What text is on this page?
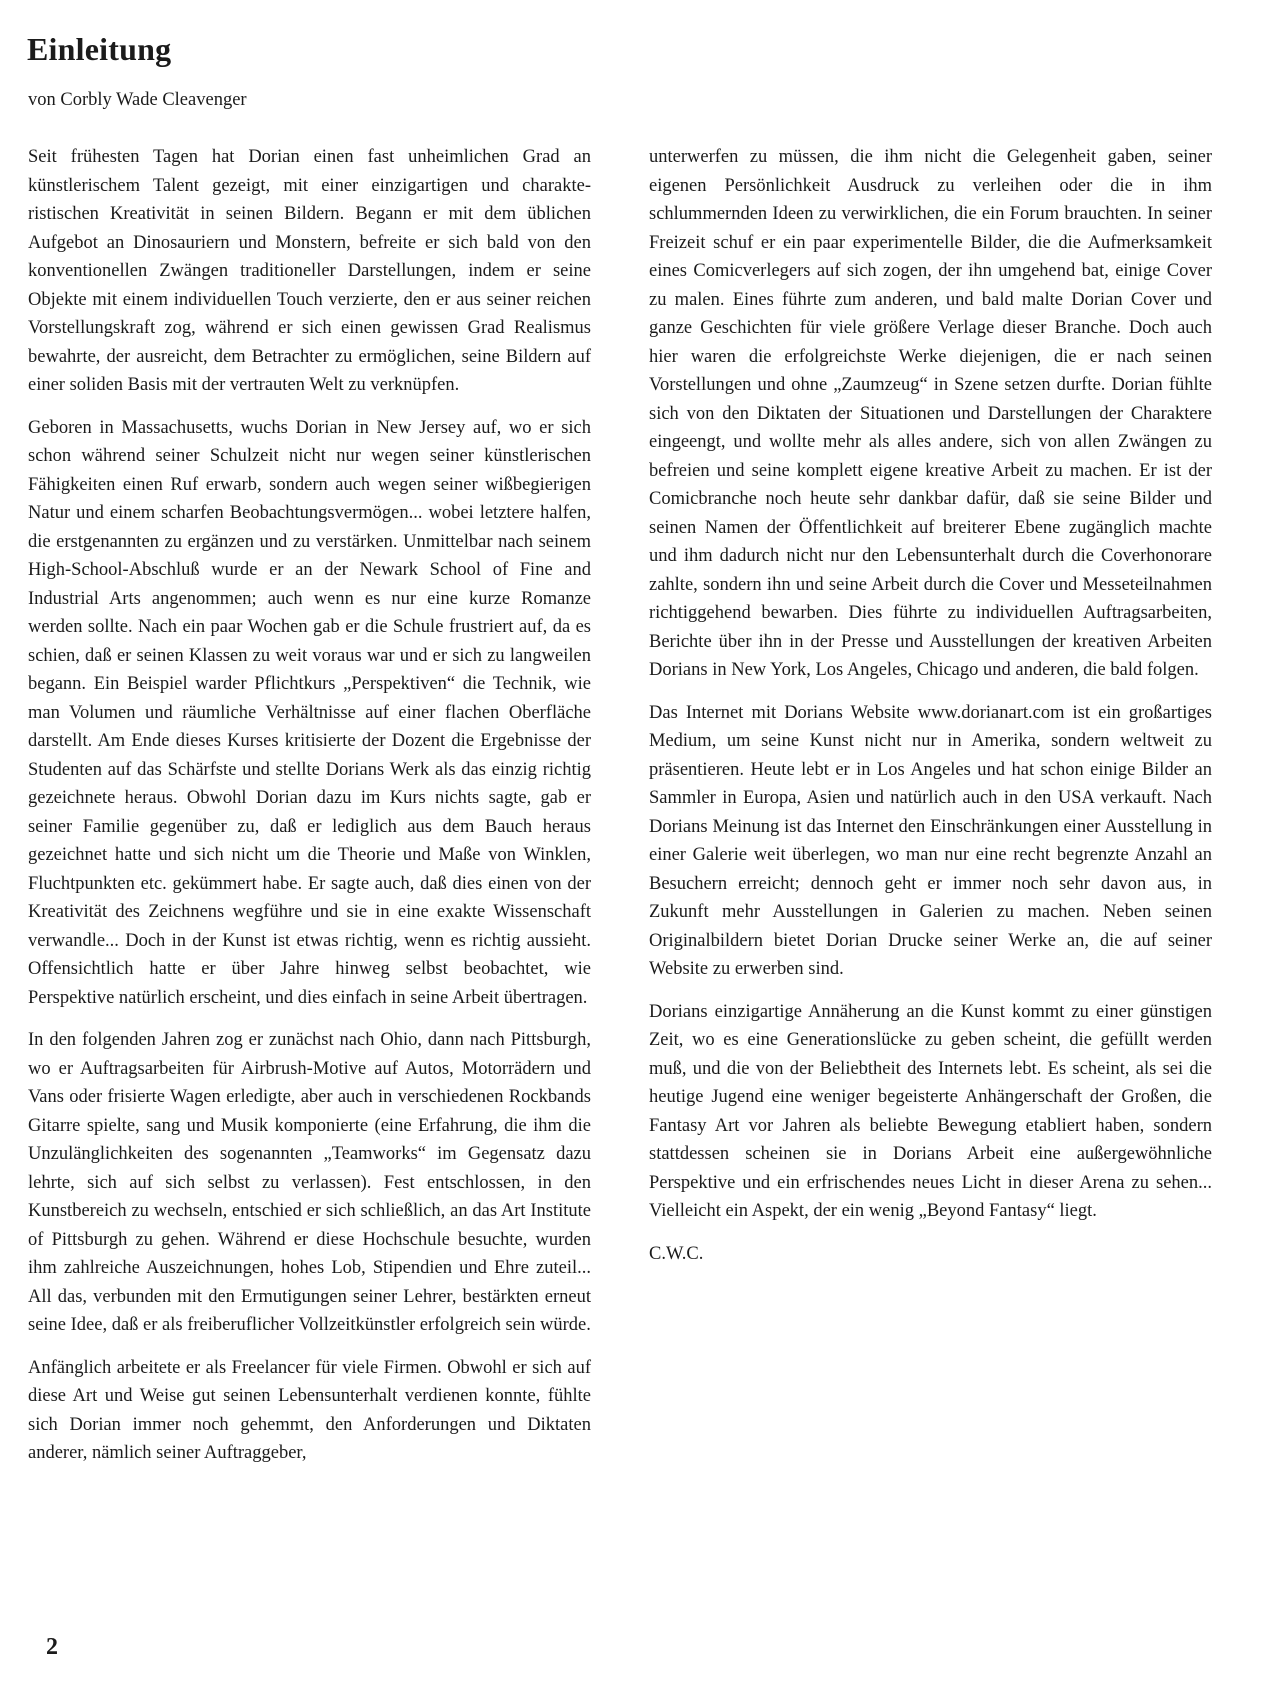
Einleitung
von Corbly Wade Cleavenger

Seit frühesten Tagen hat Dorian einen fast unheimlichen Grad an künstlerischem Talent gezeigt, mit einer einzigartigen und charakteristischen Kreativität in seinen Bildern. Begann er mit dem üblichen Aufgebot an Dinosauriern und Monstern, befreite er sich bald von den konventionellen Zwängen traditioneller Darstellungen, indem er seine Objekte mit einem individuellen Touch verzierte, den er aus seiner reichen Vorstellungskraft zog, während er sich einen gewissen Grad Realismus bewahrte, der ausreicht, dem Betrachter zu ermöglichen, seine Bildern auf einer soliden Basis mit der vertrauten Welt zu verknüpfen.

Geboren in Massachusetts, wuchs Dorian in New Jersey auf, wo er sich schon während seiner Schulzeit nicht nur wegen seiner künstlerischen Fähigkeiten einen Ruf erwarb, sondern auch wegen seiner wißbegierigen Natur und einem scharfen Beobachtungsvermögen... wobei letztere halfen, die erstgenannten zu ergänzen und zu verstärken. Unmittelbar nach seinem High-School-Abschluß wurde er an der Newark School of Fine and Industrial Arts angenommen; auch wenn es nur eine kurze Romanze werden sollte. Nach ein paar Wochen gab er die Schule frustriert auf, da es schien, daß er seinen Klassen zu weit voraus war und er sich zu langweilen begann. Ein Beispiel warder Pflichtkurs „Perspektiven“ die Technik, wie man Volumen und räumliche Verhältnisse auf einer flachen Oberfläche darstellt. Am Ende dieses Kurses kritisierte der Dozent die Ergebnisse der Studenten auf das Schärfste und stellte Dorians Werk als das einzig richtig gezeichnete heraus. Obwohl Dorian dazu im Kurs nichts sagte, gab er seiner Familie gegenüber zu, daß er lediglich aus dem Bauch heraus gezeichnet hatte und sich nicht um die Theorie und Maße von Winklen, Fluchtpunkten etc. gekümmert habe. Er sagte auch, daß dies einen von der Kreativität des Zeichnens wegführe und sie in eine exakte Wissenschaft verwandle... Doch in der Kunst ist etwas richtig, wenn es richtig aussieht. Offensichtlich hatte er über Jahre hinweg selbst beobachtet, wie Perspektive natürlich erscheint, und dies einfach in seine Arbeit übertragen.

In den folgenden Jahren zog er zunächst nach Ohio, dann nach Pittsburgh, wo er Auftragsarbeiten für Airbrush-Motive auf Autos, Motorrädern und Vans oder frisierte Wagen erledigte, aber auch in verschiedenen Rockbands Gitarre spielte, sang und Musik komponierte (eine Erfahrung, die ihm die Unzulänglichkeiten des sogenannten „Teamworks“ im Gegensatz dazu lehrte, sich auf sich selbst zu verlassen). Fest entschlossen, in den Kunstbereich zu wechseln, entschied er sich schließlich, an das Art Institute of Pittsburgh zu gehen. Während er diese Hochschule besuchte, wurden ihm zahlreiche Auszeichnungen, hohes Lob, Stipendien und Ehre zuteil... All das, verbunden mit den Ermutigungen seiner Lehrer, bestärkten erneut seine Idee, daß er als freiberuflicher Vollzeitkünstler erfolgreich sein würde.

Anfänglich arbeitete er als Freelancer für viele Firmen. Obwohl er sich auf diese Art und Weise gut seinen Lebensunterhalt verdienen konnte, fühlte sich Dorian immer noch gehemmt, den Anforderungen und Diktaten anderer, nämlich seiner Auftraggeber,

unterwerfen zu müssen, die ihm nicht die Gelegenheit gaben, seiner eigenen Persönlichkeit Ausdruck zu verleihen oder die in ihm schlummernden Ideen zu verwirklichen, die ein Forum brauchten. In seiner Freizeit schuf er ein paar experimentelle Bilder, die die Aufmerksamkeit eines Comicverlegers auf sich zogen, der ihn umgehend bat, einige Cover zu malen. Eines führte zum anderen, und bald malte Dorian Cover und ganze Geschichten für viele größere Verlage dieser Branche. Doch auch hier waren die erfolgreichste Werke diejenigen, die er nach seinen Vorstellungen und ohne „Zaumzeug“ in Szene setzen durfte. Dorian fühlte sich von den Diktaten der Situationen und Darstellungen der Charaktere eingeengt, und wollte mehr als alles andere, sich von allen Zwängen zu befreien und seine komplett eigene kreative Arbeit zu machen. Er ist der Comicbranche noch heute sehr dankbar dafür, daß sie seine Bilder und seinen Namen der Öffentlichkeit auf breiterer Ebene zugänglich machte und ihm dadurch nicht nur den Lebensunterhalt durch die Coverhonorare zahlte, sondern ihn und seine Arbeit durch die Cover und Messeteilnahmen richtiggehend bewarben. Dies führte zu individuellen Auftragsarbeiten, Berichte über ihn in der Presse und Ausstellungen der kreativen Arbeiten Dorians in New York, Los Angeles, Chicago und anderen, die bald folgen.

Das Internet mit Dorians Website www.dorianart.com ist ein großartiges Medium, um seine Kunst nicht nur in Amerika, sondern weltweit zu präsentieren. Heute lebt er in Los Angeles und hat schon einige Bilder an Sammler in Europa, Asien und natürlich auch in den USA verkauft. Nach Dorians Meinung ist das Internet den Einschränkungen einer Ausstellung in einer Galerie weit überlegen, wo man nur eine recht begrenzte Anzahl an Besuchern erreicht; dennoch geht er immer noch sehr davon aus, in Zukunft mehr Ausstellungen in Galerien zu machen. Neben seinen Originalbildern bietet Dorian Drucke seiner Werke an, die auf seiner Website zu erwerben sind.

Dorians einzigartige Annäherung an die Kunst kommt zu einer günstigen Zeit, wo es eine Generationslücke zu geben scheint, die gefüllt werden muß, und die von der Beliebtheit des Internets lebt. Es scheint, als sei die heutige Jugend eine weniger begeisterte Anhängerschaft der Großen, die Fantasy Art vor Jahren als beliebte Bewegung etabliert haben, sondern stattdessen scheinen sie in Dorians Arbeit eine außergewöhnliche Perspektive und ein erfrischendes neues Licht in dieser Arena zu sehen... Vielleicht ein Aspekt, der ein wenig „Beyond Fantasy“ liegt.

C.W.C.

2
